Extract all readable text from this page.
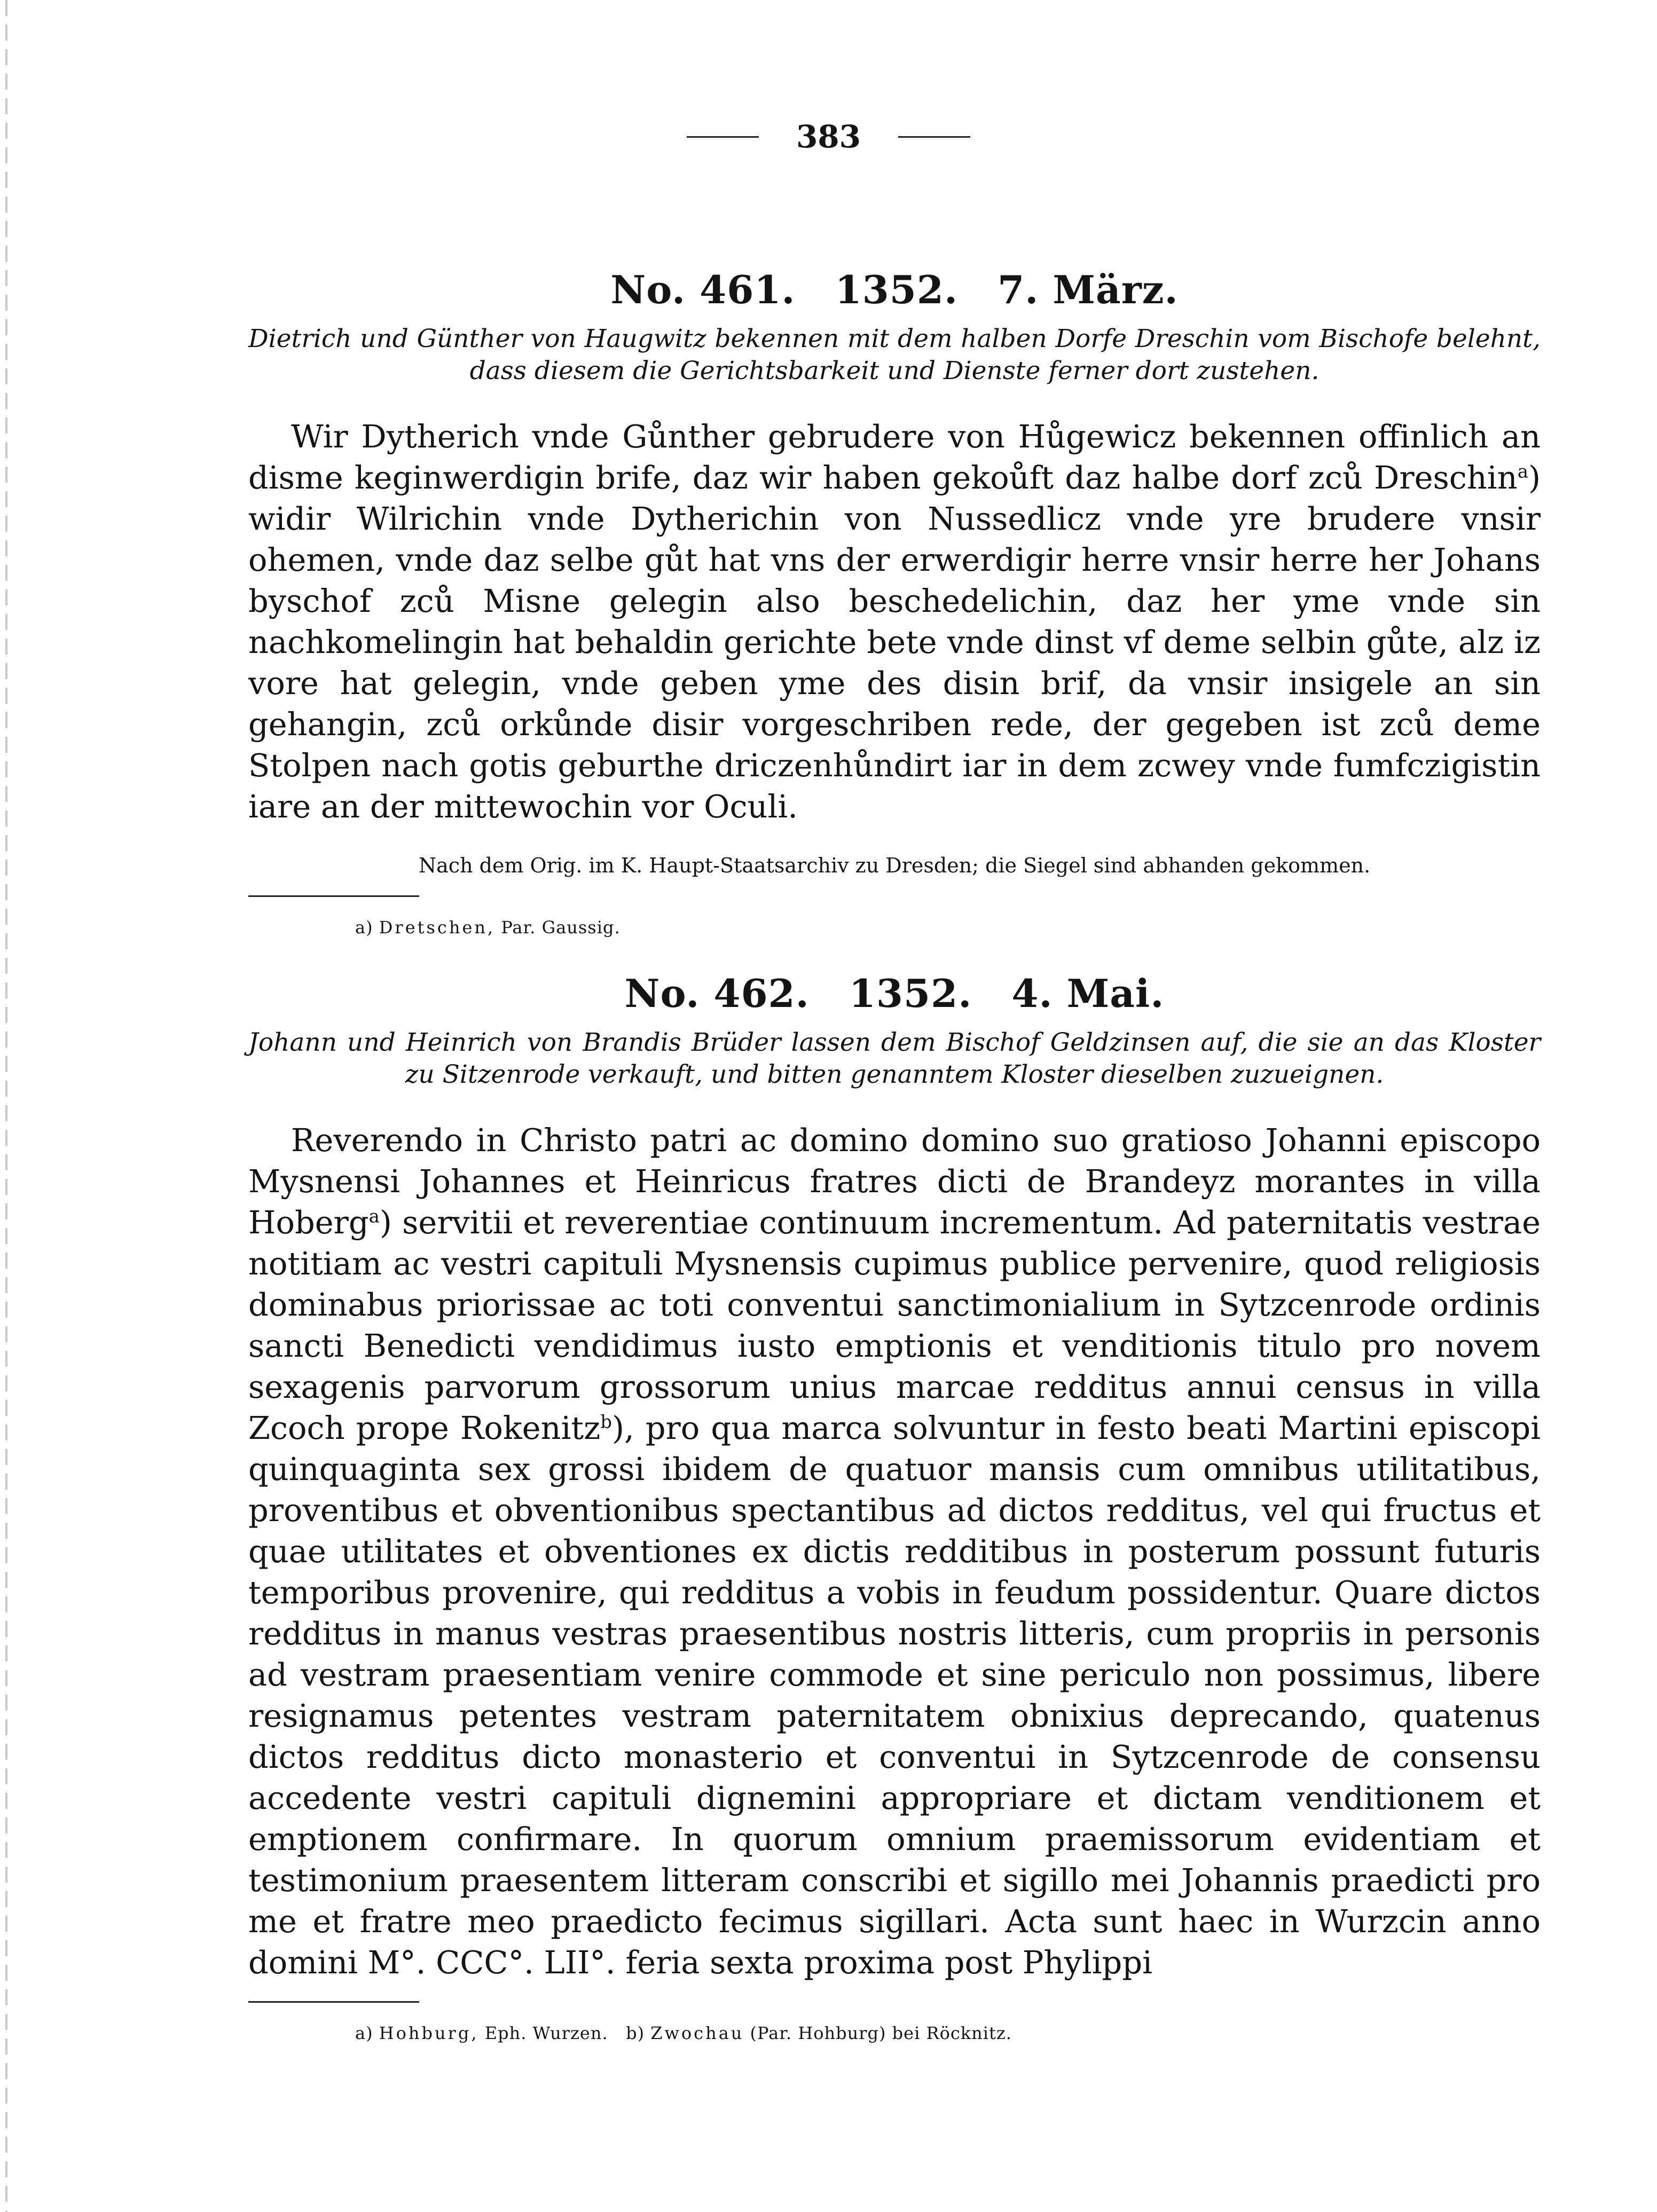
383
No. 461. 1352. 7. März.

Dietrich und Günther von Haugwitz bekennen mit dem halben Dorfe Dreschin vom Bischofe belehnt, dass diesem die Gerichtsbarkeit und Dienste ferner dort zustehen.

Wir Dytherich vnde Gůnther gebrudere von Hůgewicz bekennen offinlich an disme keginwerdigin brife, daz wir haben gekoůft daz halbe dorf zců Dreschin$^a$) widir Wilrichin vnde Dytherichin von Nussedlicz vnde yre brudere vnsir ohemen, vnde daz selbe gůt hat vns der erwerdigir herre vnsir herre her Johans byschof zců Misne gelegin also beschedelichin, daz her yme vnde sin nachkomelingin hat behaldin gerichte bete vnde dinst vf deme selbin gůte, alz iz vore hat gelegin, vnde geben yme des disin brif, da vnsir insigele an sin gehangin, zců orkůnde disir vorgeschriben rede, der gegeben ist zců deme Stolpen nach gotis geburthe driczenhůndirt iar in dem zcwey vnde fumfczigistin iare an der mittewochin vor Oculi.

Nach dem Orig. im K. Haupt-Staatsarchiv zu Dresden; die Siegel sind abhanden gekommen.

a) Dretschen, Par. Gaussig.

No. 462. 1352. 4. Mai.

Johann und Heinrich von Brandis Brüder lassen dem Bischof Geldzinsen auf, die sie an das Kloster zu Sitzenrode verkauft, und bitten genanntem Kloster dieselben zuzueignen.

Reverendo in Christo patri ac domino domino suo gratioso Johanni episcopo Mysnensi Johannes et Heinricus fratres dicti de Brandeyz morantes in villa Hoberg$^a$) servitii et reverentiae continuum incrementum. Ad paternitatis vestrae notitiam ac vestri capituli Mysnensis cupimus publice pervenire, quod religiosis dominabus priorissae ac toti conventui sanctimonialium in Sytzcenrode ordinis sancti Benedicti vendidimus iusto emptionis et venditionis titulo pro novem sexagenis parvorum grossorum unius marcae redditus annui census in villa Zcoch prope Rokenitz$^b$), pro qua marca solvuntur in festo beati Martini episcopi quinquaginta sex grossi ibidem de quatuor mansis cum omnibus utilitatibus, proventibus et obventionibus spectantibus ad dictos redditus, vel qui fructus et quae utilitates et obventiones ex dictis redditibus in posterum possunt futuris temporibus provenire, qui redditus a vobis in feudum possidentur. Quare dictos redditus in manus vestras praesentibus nostris litteris, cum propriis in personis ad vestram praesentiam venire commode et sine periculo non possimus, libere resignamus petentes vestram paternitatem obnixius deprecando, quatenus dictos redditus dicto monasterio et conventui in Sytzcenrode de consensu accedente vestri capituli dignemini appropriare et dictam venditionem et emptionem confirmare. In quorum omnium praemissorum evidentiam et testimonium praesentem litteram conscribi et sigillo mei Johannis praedicti pro me et fratre meo praedicto fecimus sigillari. Acta sunt haec in Wurzcin anno domini M°. CCC°. LII°. feria sexta proxima post Phylippi

a) Hohburg, Eph. Wurzen. b) Zwochau (Par. Hohburg) bei Röcknitz.
